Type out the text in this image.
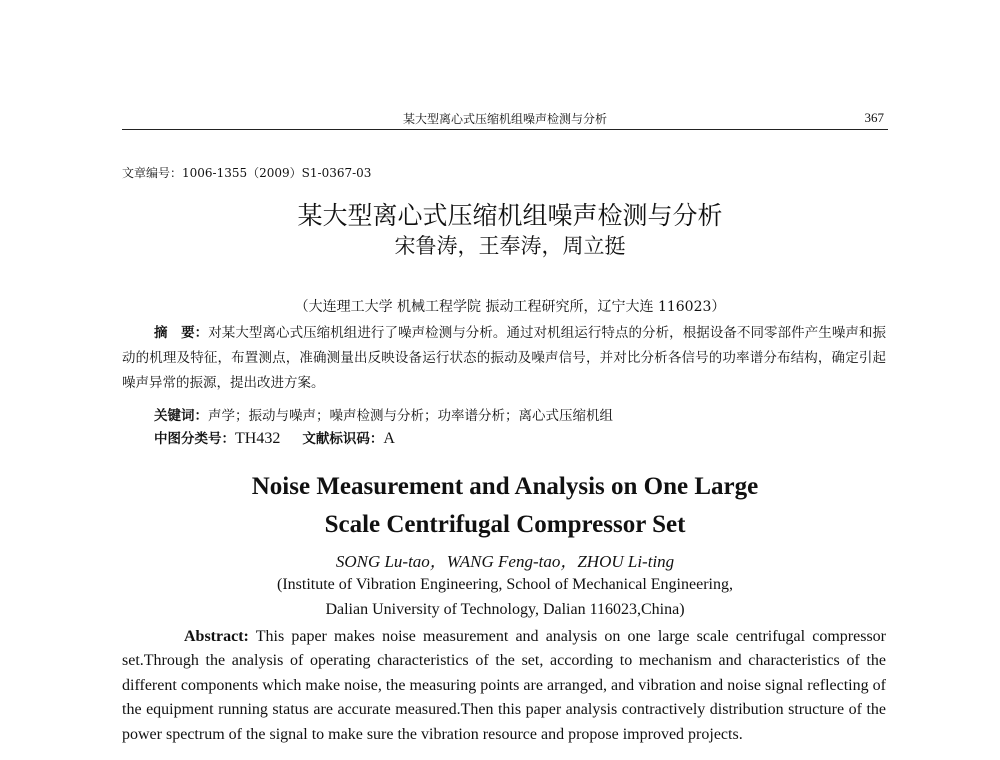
某大型离心式压缩机组噪声检测与分析	367
文章编号：1006-1355（2009）S1-0367-03
某大型离心式压缩机组噪声检测与分析
宋鲁涛，王奉涛，周立挺
（大连理工大学 机械工程学院 振动工程研究所，辽宁大连 116023）
摘　要：对某大型离心式压缩机组进行了噪声检测与分析。通过对机组运行特点的分析，根据设备不同零部件产生噪声和振动的机理及特征，布置测点，准确测量出反映设备运行状态的振动及噪声信号，并对比分析各信号的功率谱分布结构，确定引起噪声异常的振源，提出改进方案。
关键词：声学；振动与噪声；噪声检测与分析；功率谱分析；离心式压缩机组
中图分类号：TH432 文献标识码：A
Noise Measurement and Analysis on One Large
Scale Centrifugal Compressor Set
SONG Lu-tao，WANG Feng-tao，ZHOU Li-ting
(Institute of Vibration Engineering, School of Mechanical Engineering,
Dalian University of Technology, Dalian 116023,China)
Abstract: This paper makes noise measurement and analysis on one large scale centrifugal compressor set.Through the analysis of operating characteristics of the set, according to mechanism and characteristics of the different components which make noise, the measuring points are arranged, and vibration and noise signal reflecting of the equipment running status are accurate measured.Then this paper analysis contractively distribution structure of the power spectrum of the signal to make sure the vibration resource and propose improved projects.
